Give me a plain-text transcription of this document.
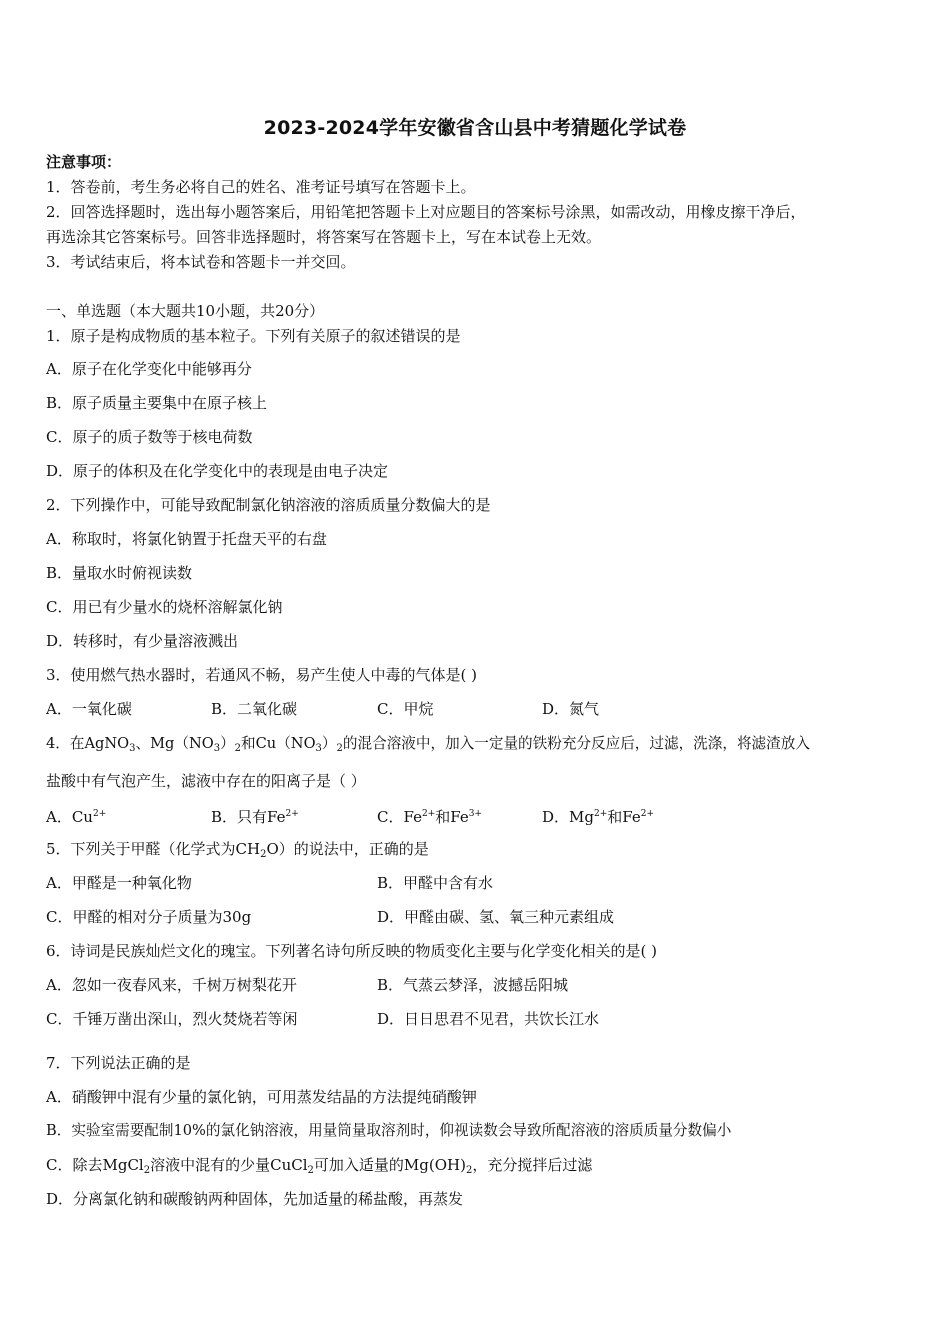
2023-2024学年安徽省含山县中考猜题化学试卷
注意事项：
1．答卷前，考生务必将自己的姓名、准考证号填写在答题卡上。
2．回答选择题时，选出每小题答案后，用铅笔把答题卡上对应题目的答案标号涂黑，如需改动，用橡皮擦干净后，
再选涂其它答案标号。回答非选择题时，将答案写在答题卡上，写在本试卷上无效。
3．考试结束后，将本试卷和答题卡一并交回。
一、单选题（本大题共10小题，共20分）
1．原子是构成物质的基本粒子。下列有关原子的叙述错误的是
A．原子在化学变化中能够再分
B．原子质量主要集中在原子核上
C．原子的质子数等于核电荷数
D．原子的体积及在化学变化中的表现是由电子决定
2．下列操作中，可能导致配制氯化钠溶液的溶质质量分数偏大的是
A．称取时，将氯化钠置于托盘天平的右盘
B．量取水时俯视读数
C．用已有少量水的烧杯溶解氯化钠
D．转移时，有少量溶液溅出
3．使用燃气热水器时，若通风不畅，易产生使人中毒的气体是( )
A．一氧化碳	B．二氧化碳	C．甲烷	D．氮气
4．在AgNO$_3$、$Mg(NO_3)_2$和$Cu(NO_3)_2$的混合溶液中，加入一定量的铁粉充分反应后，过滤，洗涤，将滤渣放入
盐酸中有气泡产生，滤液中存在的阳离子是（ ）
A．$Cu^{2+}$	B．只有$Fe^{2+}$	C．$Fe^{2+}$和$Fe^{3+}$	D．$Mg^{2+}$和$Fe^{2+}$
5．下列关于甲醛（化学式为$CH_2O$）的说法中，正确的是
A．甲醛是一种氧化物	B．甲醛中含有水
C．甲醛的相对分子质量为30g	D．甲醛由碳、氢、氧三种元素组成
6．诗词是民族灿烂文化的瑰宝。下列著名诗句所反映的物质变化主要与化学变化相关的是( )
A．忽如一夜春风来，千树万树梨花开	B．气蒸云梦泽，波撼岳阳城
C．千锤万凿出深山，烈火焚烧若等闲	D．日日思君不见君，共饮长江水
7．下列说法正确的是
A．硝酸钾中混有少量的氯化钠，可用蒸发结晶的方法提纯硝酸钾
B．实验室需要配制10%的氯化钠溶液，用量筒量取溶剂时，仰视读数会导致所配溶液的溶质质量分数偏小
C．除去MgCl$_2$溶液中混有的少量CuCl$_2$可加入适量的$Mg(OH)_2$，充分搅拌后过滤
D．分离氯化钠和碳酸钠两种固体，先加适量的稀盐酸，再蒸发
